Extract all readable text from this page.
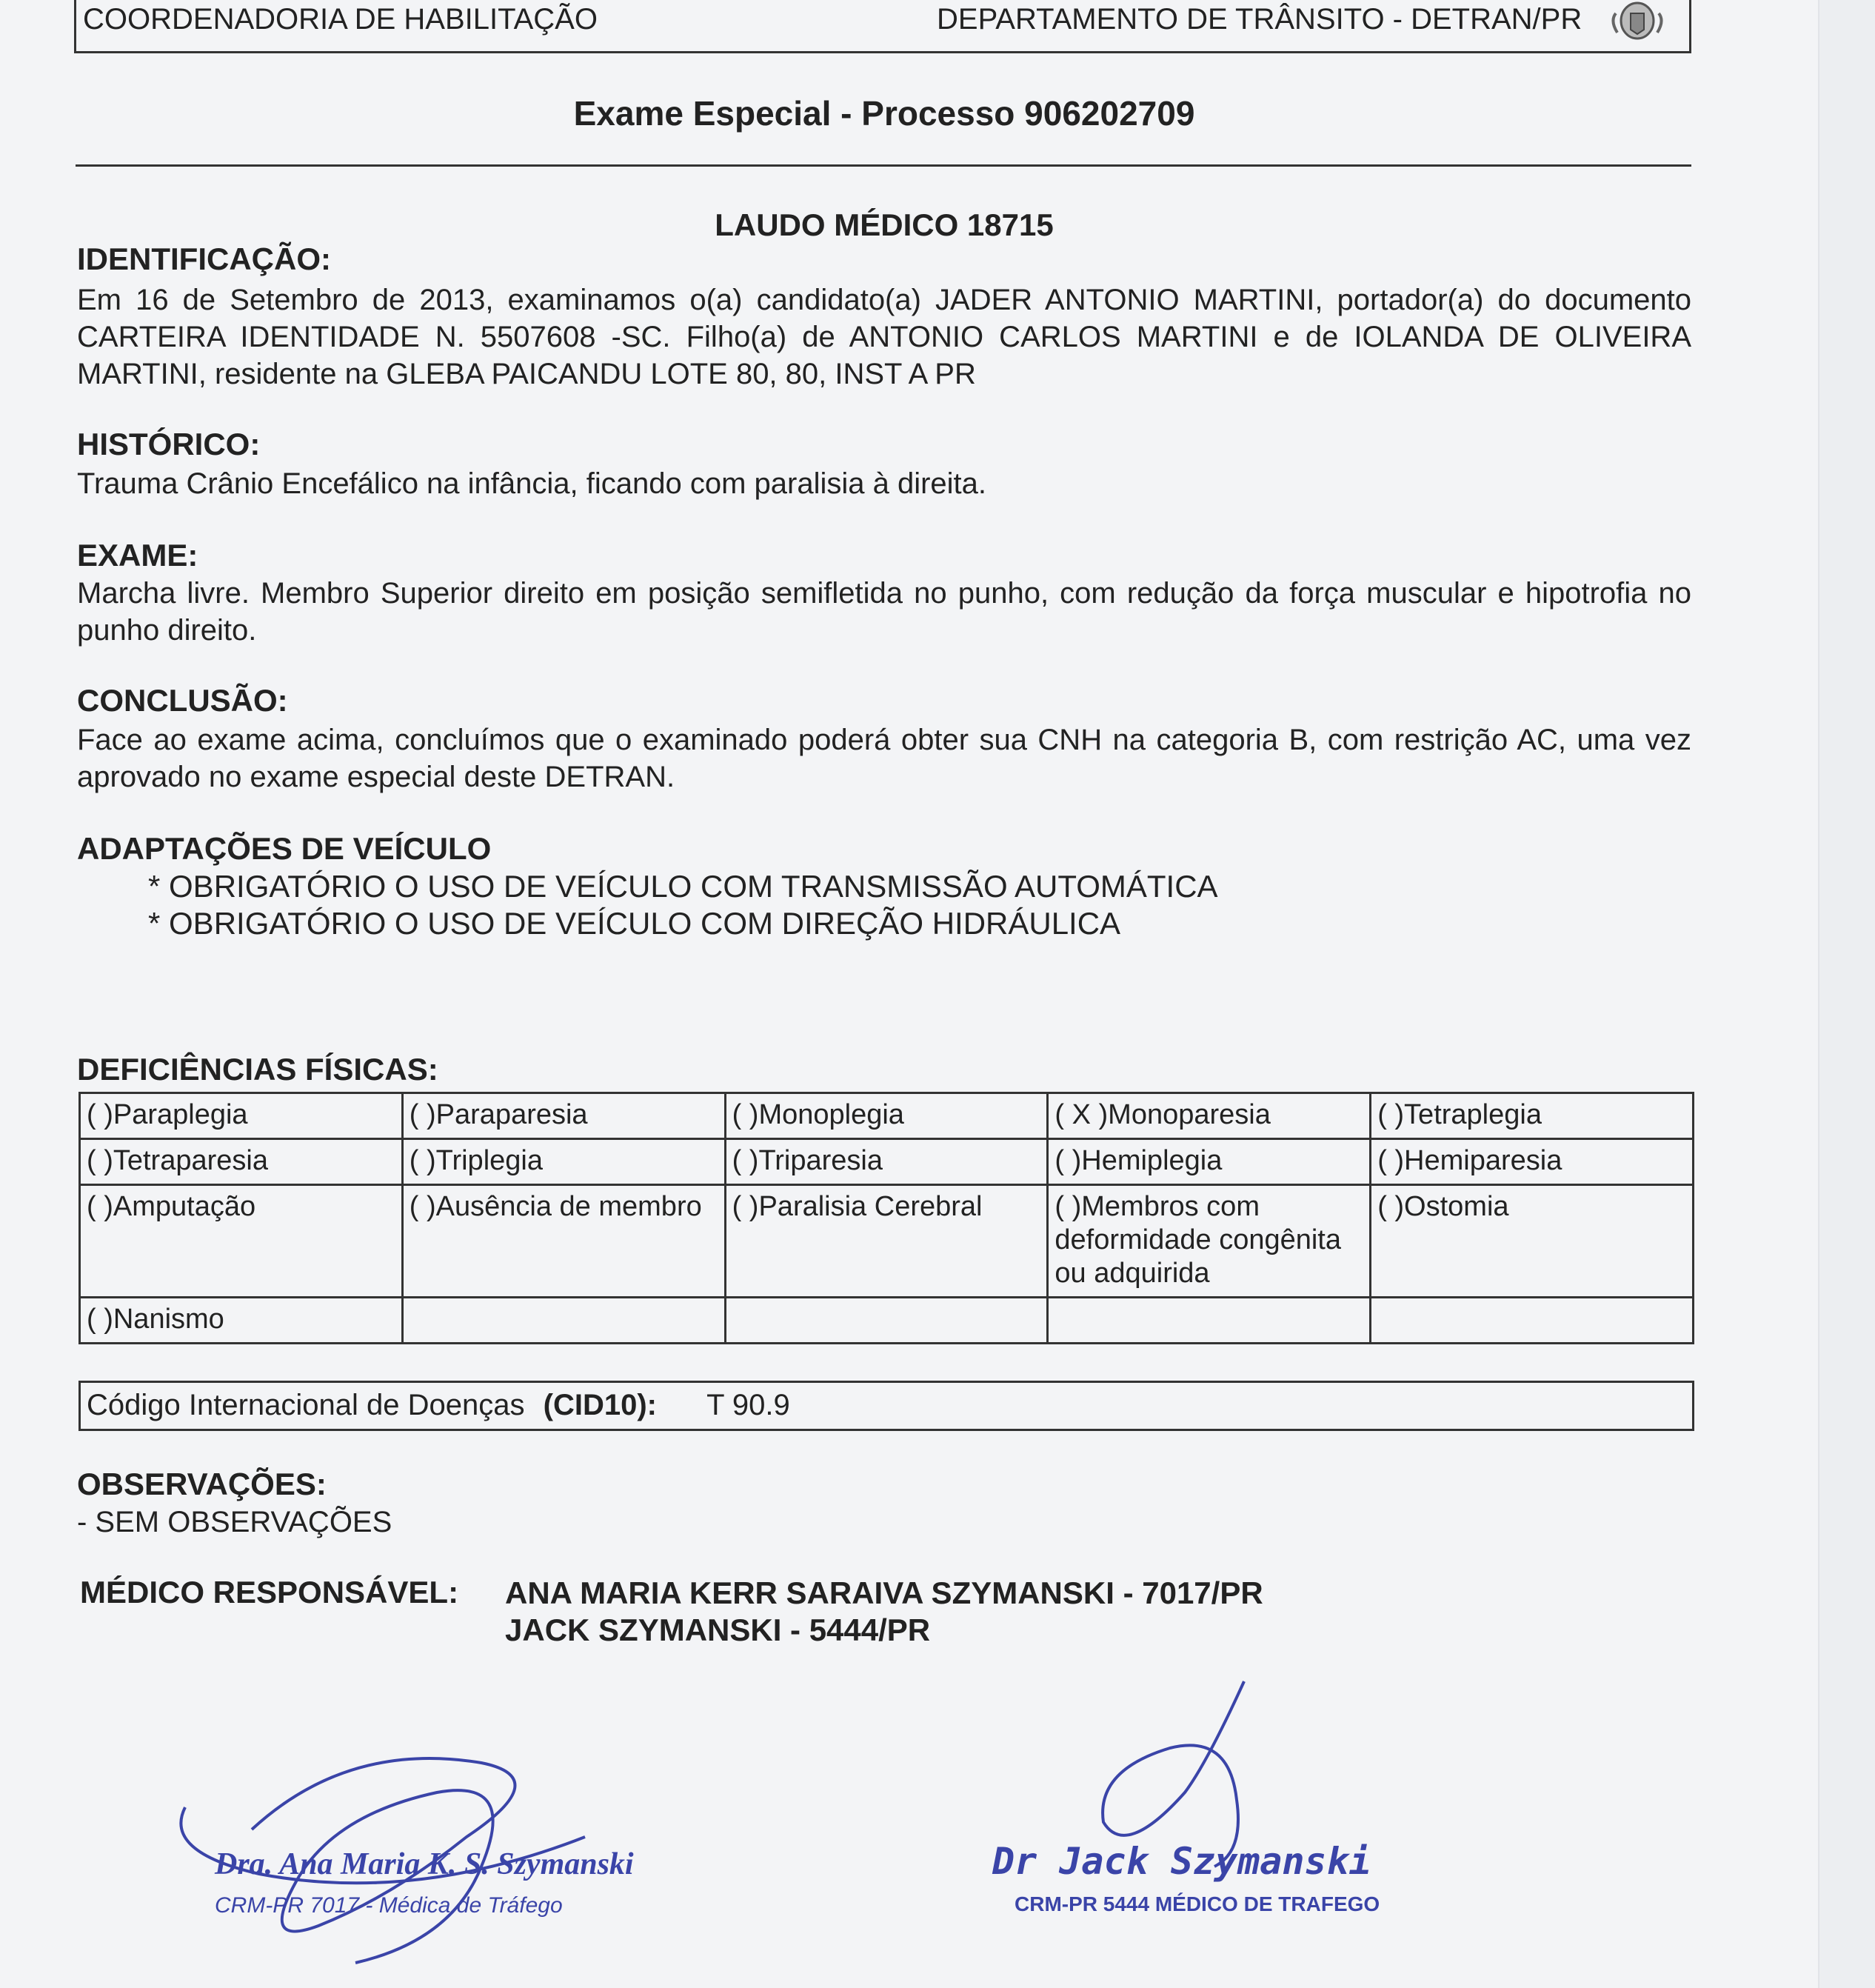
COORDENADORIA DE HABILITAÇÃO	DEPARTAMENTO DE TRÂNSITO - DETRAN/PR
Exame Especial - Processo 906202709
LAUDO MÉDICO 18715
IDENTIFICAÇÃO:
Em 16 de Setembro de 2013, examinamos o(a) candidato(a) JADER ANTONIO MARTINI, portador(a) do documento CARTEIRA IDENTIDADE N. 5507608 -SC. Filho(a) de ANTONIO CARLOS MARTINI e de IOLANDA DE OLIVEIRA MARTINI, residente na GLEBA PAICANDU LOTE 80, 80, INST A PR
HISTÓRICO:
Trauma Crânio Encefálico na infância, ficando com paralisia à direita.
EXAME:
Marcha livre. Membro Superior direito em posição semifletida no punho, com redução da força muscular e hipotrofia no punho direito.
CONCLUSÃO:
Face ao exame acima, concluímos que o examinado poderá obter sua CNH na categoria B, com restrição AC, uma vez aprovado no exame especial deste DETRAN.
ADAPTAÇÕES DE VEÍCULO
* OBRIGATÓRIO O USO DE VEÍCULO COM TRANSMISSÃO AUTOMÁTICA
* OBRIGATÓRIO O USO DE VEÍCULO COM DIREÇÃO HIDRÁULICA
DEFICIÊNCIAS FÍSICAS:
( )Paraplegia	( )Paraparesia	( )Monoplegia	( X )Monoparesia	( )Tetraplegia
( )Tetraparesia	( )Triplegia	( )Triparesia	( )Hemiplegia	( )Hemiparesia
( )Amputação	( )Ausência de membro	( )Paralisia Cerebral	( )Membros com deformidade congênita ou adquirida	( )Ostomia
( )Nanismo				
Código Internacional de Doenças (CID10): T 90.9
OBSERVAÇÕES:
- SEM OBSERVAÇÕES
MÉDICO RESPONSÁVEL: ANA MARIA KERR SARAIVA SZYMANSKI - 7017/PR
JACK SZYMANSKI - 5444/PR
Dra. Ana Maria K. S. Szymanski
CRM-PR 7017 - Médica de Tráfego
Dr Jack Szymanski
CRM-PR 5444 MÉDICO DE TRAFEGO
